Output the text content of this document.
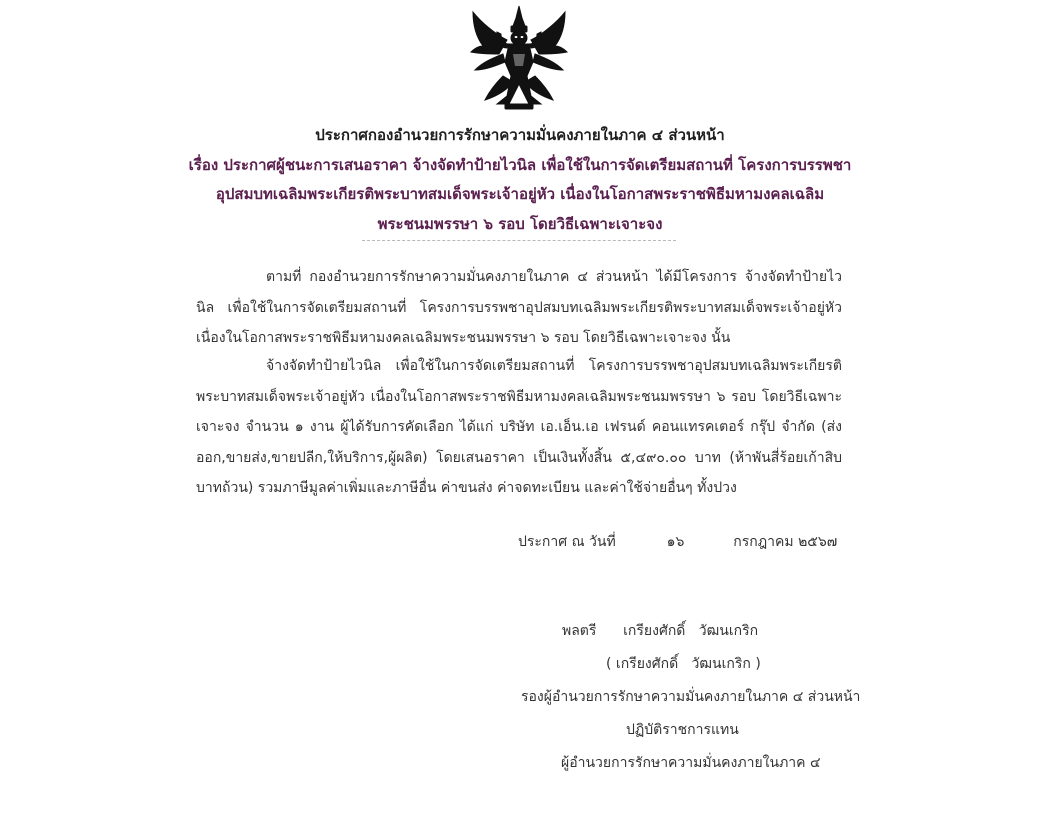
ประกาศกองอำนวยการรักษาความมั่นคงภายในภาค ๔ ส่วนหน้า
เรื่อง ประกาศผู้ชนะการเสนอราคา จ้างจัดทำป้ายไวนิล เพื่อใช้ในการจัดเตรียมสถานที่ โครงการบรรพชา
อุปสมบทเฉลิมพระเกียรติพระบาทสมเด็จพระเจ้าอยู่หัว เนื่องในโอกาสพระราชพิธีมหามงคลเฉลิม
พระชนมพรรษา ๖ รอบ โดยวิธีเฉพาะเจาะจง

ตามที่ กองอำนวยการรักษาความมั่นคงภายในภาค ๔ ส่วนหน้า ได้มีโครงการ จ้างจัดทำป้ายไวนิล เพื่อใช้ในการจัดเตรียมสถานที่ โครงการบรรพชาอุปสมบทเฉลิมพระเกียรติพระบาทสมเด็จพระเจ้าอยู่หัว เนื่องในโอกาสพระราชพิธีมหามงคลเฉลิมพระชนมพรรษา ๖ รอบ โดยวิธีเฉพาะเจาะจง นั้น

จ้างจัดทำป้ายไวนิล เพื่อใช้ในการจัดเตรียมสถานที่ โครงการบรรพชาอุปสมบทเฉลิมพระเกียรติพระบาทสมเด็จพระเจ้าอยู่หัว เนื่องในโอกาสพระราชพิธีมหามงคลเฉลิมพระชนมพรรษา ๖ รอบ โดยวิธีเฉพาะเจาะจง จำนวน ๑ งาน ผู้ได้รับการคัดเลือก ได้แก่ บริษัท เอ.เอ็น.เอ เฟรนด์ คอนแทรคเตอร์ กรุ๊ป จำกัด (ส่งออก,ขายส่ง,ขายปลีก,ให้บริการ,ผู้ผลิต) โดยเสนอราคา เป็นเงินทั้งสิ้น ๕,๔๙๐.๐๐ บาท (ห้าพันสี่ร้อยเก้าสิบบาทถ้วน) รวมภาษีมูลค่าเพิ่มและภาษีอื่น ค่าขนส่ง ค่าจดทะเบียน และค่าใช้จ่ายอื่นๆ ทั้งปวง

ประกาศ ณ วันที่	๑๖	กรกฎาคม ๒๕๖๗
พลตรี      เกรียงศักดิ์   วัฒนเกริก
( เกรียงศักดิ์   วัฒนเกริก )
รองผู้อำนวยการรักษาความมั่นคงภายในภาค ๔ ส่วนหน้า
ปฏิบัติราชการแทน
ผู้อำนวยการรักษาความมั่นคงภายในภาค ๔
